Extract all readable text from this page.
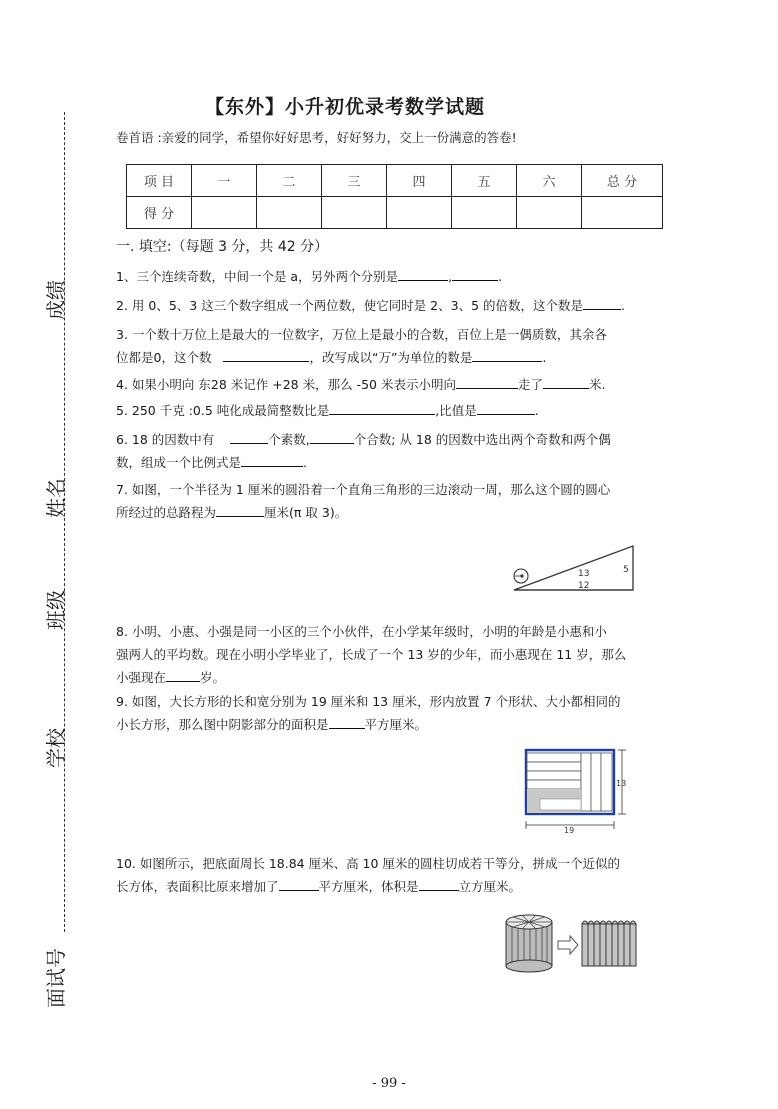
成绩
姓名
班级
学校
面试号
【东外】小升初优录考数学试题
卷首语 :亲爱的同学，希望你好好思考，好好努力，交上一份满意的答卷!
项 目	一	二	三	四	五	六	总 分
得 分							
一. 填空:（每题 3 分，共 42 分）
1、三个连续奇数，中间一个是 a，另外两个分别是	,	.
2. 用 0、5、3 这三个数字组成一个两位数，使它同时是 2、3、5 的倍数，这个数是	.
3. 一个数十万位上是最大的一位数字，万位上是最小的合数，百位上是一偶质数，其余各
位都是0，这个数	，改写成以“万”为单位的数是	.
4. 如果小明向 东28 米记作 +28 米，那么 -50 米表示小明向	走了	米.
5. 250 千克 :0.5 吨化成最简整数比是	,比值是	.
6. 18 的因数中有	个素数,	个合数; 从 18 的因数中选出两个奇数和两个偶
数，组成一个比例式是	.
7. 如图，一个半径为 1 厘米的圆沿着一个直角三角形的三边滚动一周，那么这个圆的圆心
所经过的总路程为	厘米(π 取 3)。
13
12
5
8. 小明、小惠、小强是同一小区的三个小伙伴，在小学某年级时，小明的年龄是小惠和小
强两人的平均数。现在小明小学毕业了，长成了一个 13 岁的少年，而小惠现在 11 岁，那么
小强现在	岁。
9. 如图，大长方形的长和宽分别为 19 厘米和 13 厘米，形内放置 7 个形状、大小都相同的
小长方形，那么图中阴影部分的面积是	平方厘米。
13
19
10. 如图所示，把底面周长 18.84 厘米、高 10 厘米的圆柱切成若干等分，拼成一个近似的
长方体，表面积比原来增加了	平方厘米，体积是	立方厘米。
- 99 -
